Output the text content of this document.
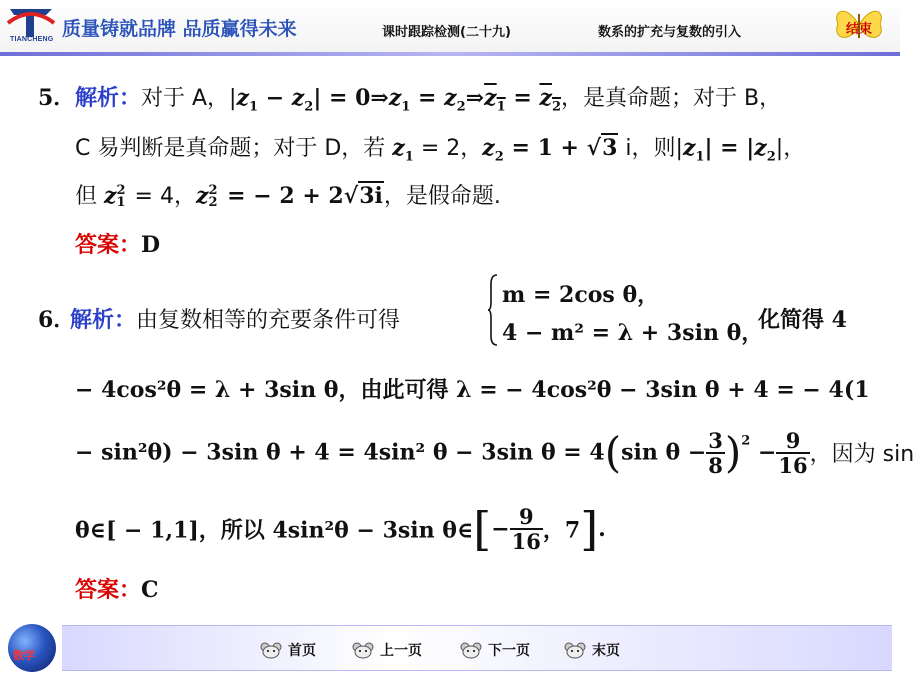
TIANCHENG 质量铸就品牌 品质赢得未来	课时跟踪检测(二十九)	数系的扩充与复数的引入	结束
5． 解析：对于 A，$|z_1 - z_2|$ = $0\Rightarrow z_1$ = $z_2\Rightarrow z_1 = z_2$，是真命题；对于 B，
C 易判断是真命题；对于 D，若 $z_1 = 2$，$z_2 = 1 + √3$ i，则$|z_1| = |z_2|$，
但 z 2
1 = 4，z 2
2 = − 2 + 2√3i，是假命题.
答案：D
6．
解析：由复数相等的充要条件可得
m = 2cos θ，
4 − m² = λ + 3sin θ，
化简得 4
− 4cos²θ = λ + 3sin θ，由此可得 λ = − 4cos²θ − 3sin θ + 4 = − 4(1
− sin²θ) − 3sin θ + 4 = 4sin² θ − 3sin θ = 4(sin $\theta - \frac{3}{8} )^2 - \frac{9}{16}$ ，因为 sin
θ∈[ − 1,1]，所以 4sin²θ − 3sin θ∈[− $\frac{9}{16}$ ，7].
答案：C
数学	首页	上一页	下一页	末页
